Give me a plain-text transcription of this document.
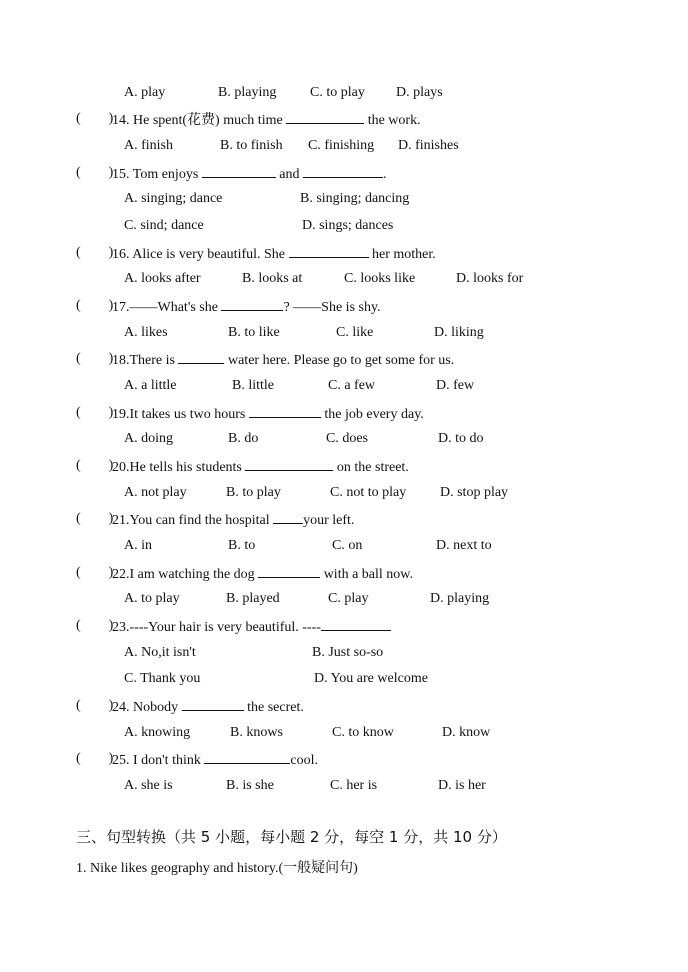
A. play	B. playing C. to play D. plays
(　　)
14. He spent(花费) much time	the work.
A. finish	B. to finish C. finishing D. finishes
(　　)
15. Tom enjoys	and	.
A. singing; dance	B. singing; dancing
C. sind; dance	D. sings; dances
(　　)
16. Alice is very beautiful. She	her mother.
A. looks after	B. looks at	C. looks like	D. looks for
(　　)
17.——What's she	? ——She is shy.
A. likes	B. to like	C. like	D. liking
(　　)
18.There is	water here. Please go to get some for us.
A. a little	B. little	C. a few	D. few
(　　)
19.It takes us two hours	the job every day.
A. doing	B. do	C. does	D. to do
(　　)
20.He tells his students	on the street.
A. not play	B. to play	C. not to play D. stop play
(　　)
21.You can find the hospital your left.
A. in	B. to	C. on	D. next to
(　　)
22.I am watching the dog	with a ball now.
A. to play	B. played	C. play	D. playing
(　　)
23.----Your hair is very beautiful. ----
A. No,it isn't	B. Just so-so
C. Thank you	D. You are welcome
(　　)
24. Nobody	the secret.
A. knowing	B. knows	C. to know	D. know
(　　)
25. I don't think	cool.
A. she is	B. is she	C. her is	D. is her
三、句型转换（共 5 小题，每小题 2 分，每空 1 分，共 10 分）
1. Nike likes geography and history.(一般疑问句)
